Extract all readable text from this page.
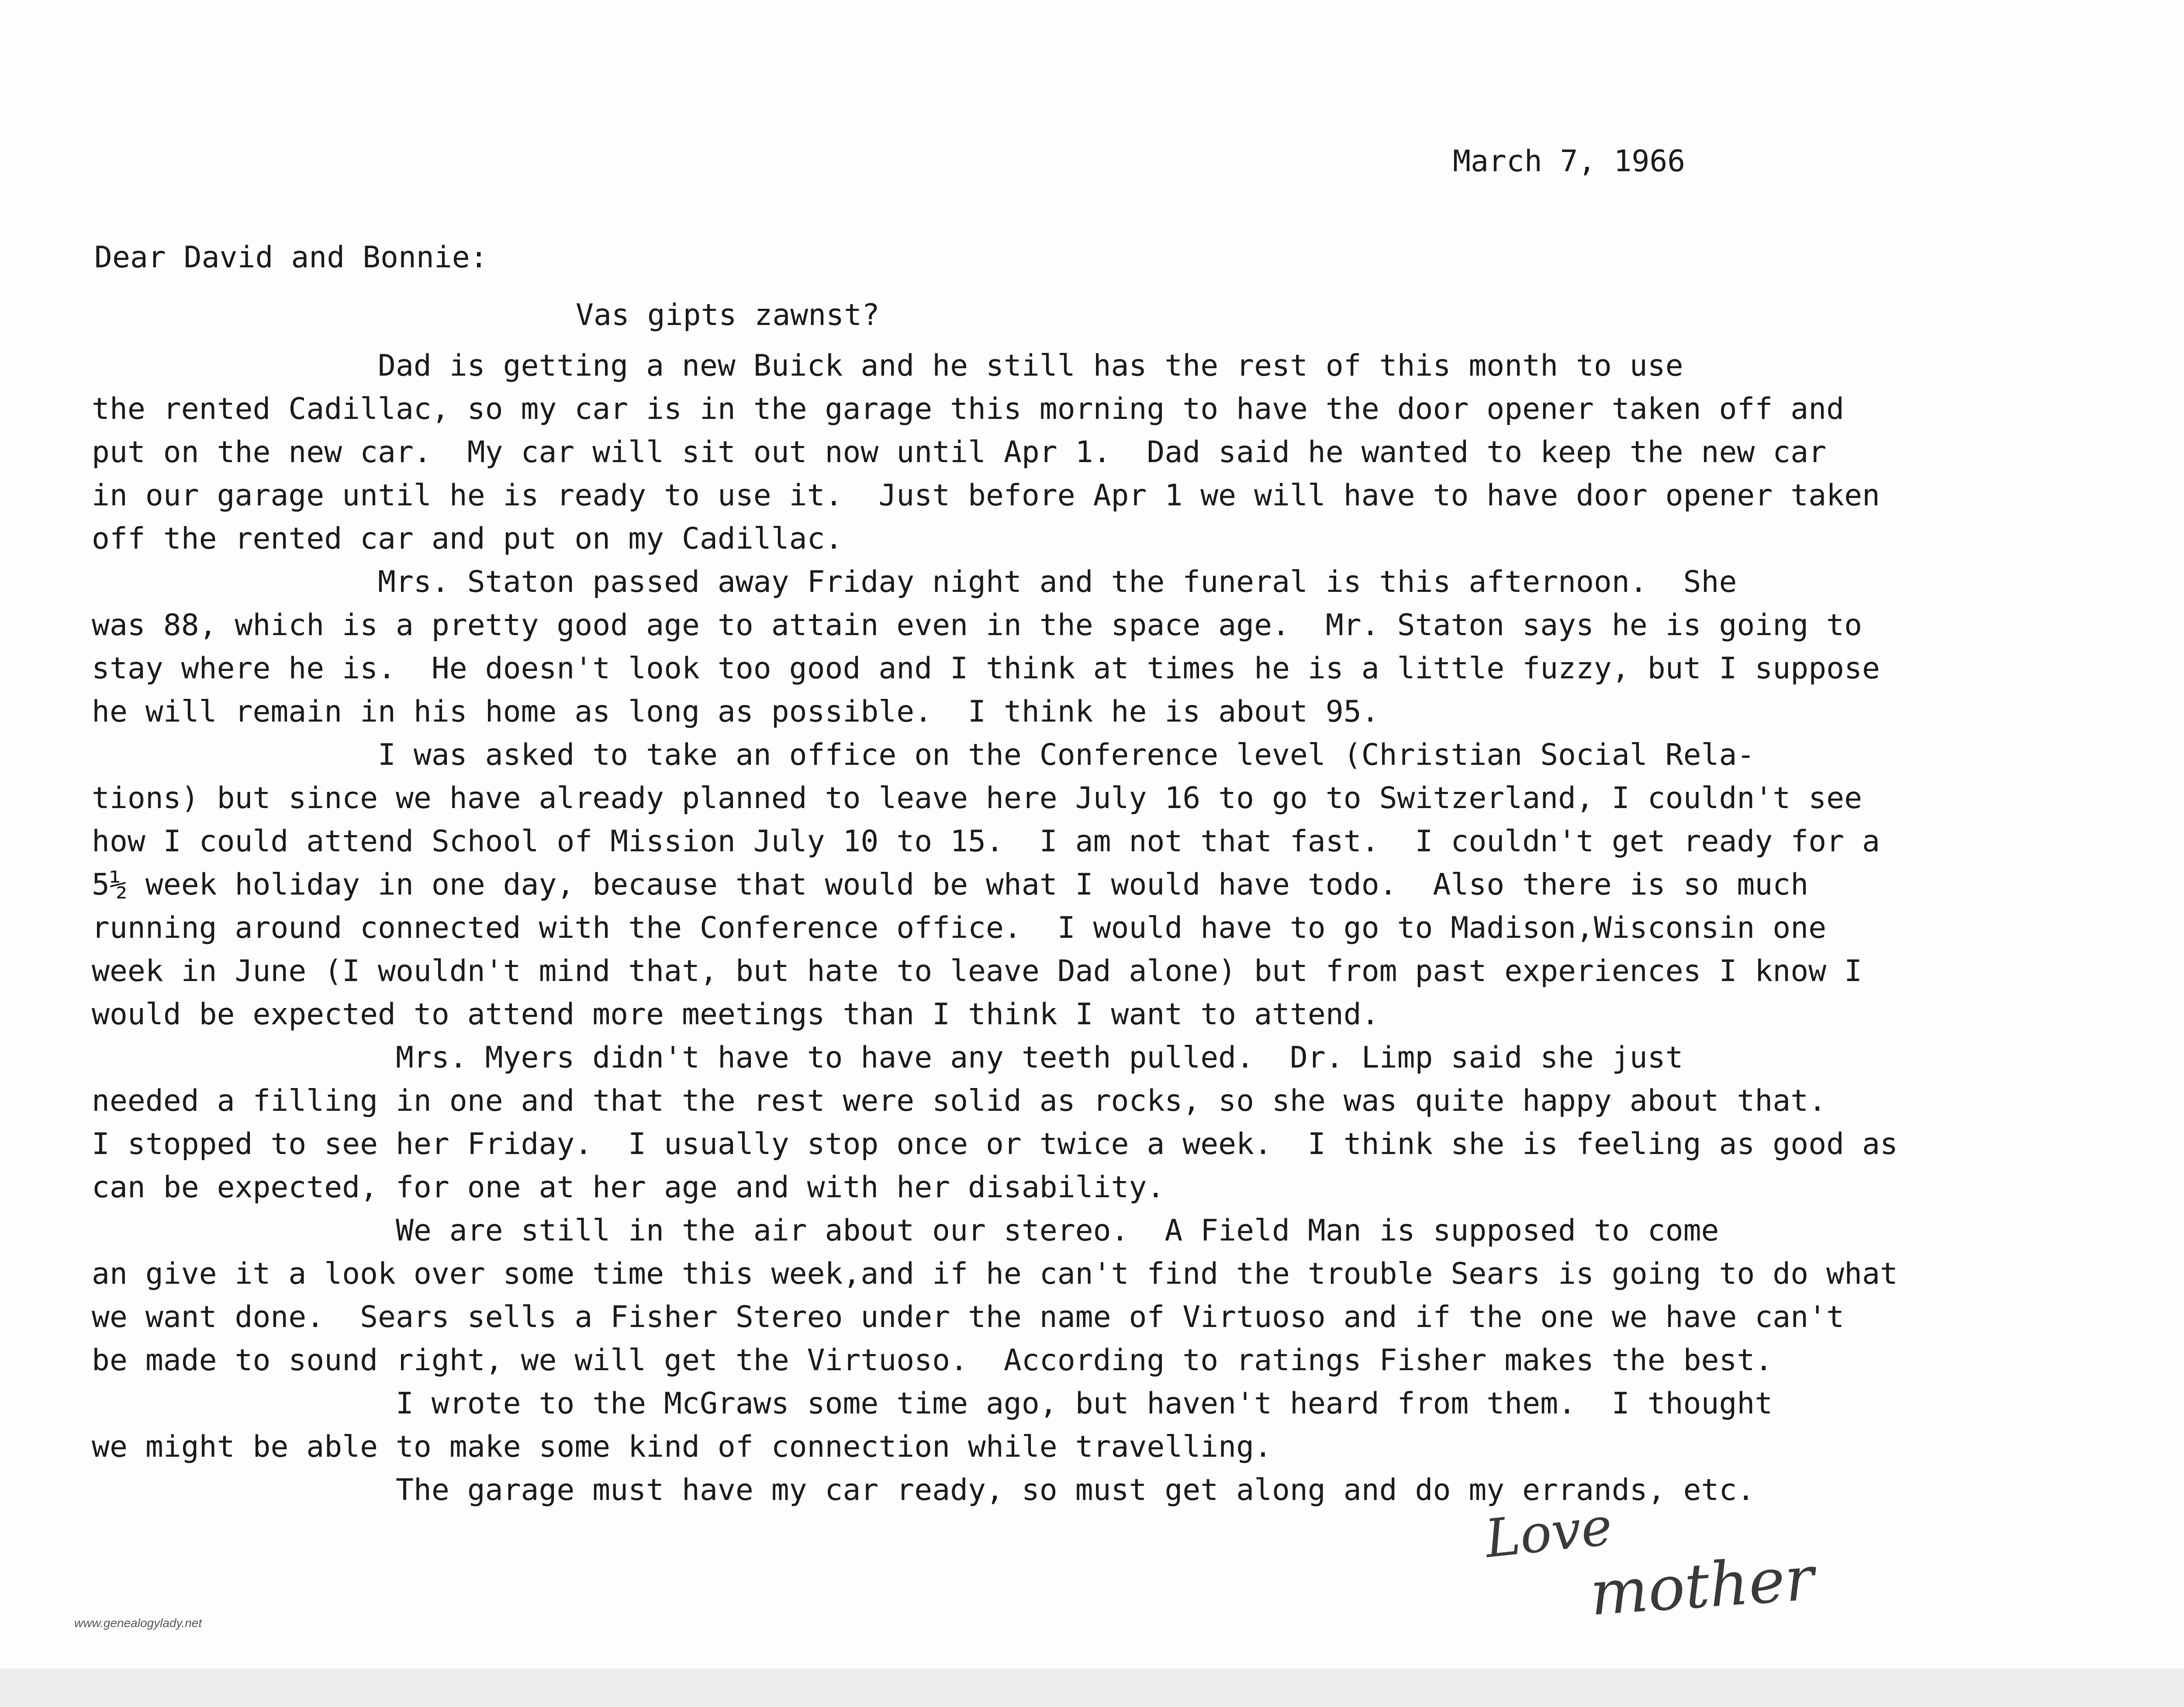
March 7, 1966
Dear David and Bonnie:
Vas gipts zawnst?
Dad is getting a new Buick and he still has the rest of this month to use
the rented Cadillac, so my car is in the garage this morning to have the door opener taken off and
put on the new car.  My car will sit out now until Apr 1.  Dad said he wanted to keep the new car
in our garage until he is ready to use it.  Just before Apr 1 we will have to have door opener taken
off the rented car and put on my Cadillac.
Mrs. Staton passed away Friday night and the funeral is this afternoon.  She
was 88, which is a pretty good age to attain even in the space age.  Mr. Staton says he is going to
stay where he is.  He doesn't look too good and I think at times he is a little fuzzy, but I suppose
he will remain in his home as long as possible.  I think he is about 95.
I was asked to take an office on the Conference level (Christian Social Rela-
tions) but since we have already planned to leave here July 16 to go to Switzerland, I couldn't see
how I could attend School of Mission July 10 to 15.  I am not that fast.  I couldn't get ready for a
5½ week holiday in one day, because that would be what I would have todo.  Also there is so much
running around connected with the Conference office.  I would have to go to Madison,Wisconsin one
week in June (I wouldn't mind that, but hate to leave Dad alone) but from past experiences I know I
would be expected to attend more meetings than I think I want to attend.
Mrs. Myers didn't have to have any teeth pulled.  Dr. Limp said she just
needed a filling in one and that the rest were solid as rocks, so she was quite happy about that.
I stopped to see her Friday.  I usually stop once or twice a week.  I think she is feeling as good as
can be expected, for one at her age and with her disability.
We are still in the air about our stereo.  A Field Man is supposed to come
an give it a look over some time this week,and if he can't find the trouble Sears is going to do what
we want done.  Sears sells a Fisher Stereo under the name of Virtuoso and if the one we have can't
be made to sound right, we will get the Virtuoso.  According to ratings Fisher makes the best.
I wrote to the McGraws some time ago, but haven't heard from them.  I thought
we might be able to make some kind of connection while travelling.
The garage must have my car ready, so must get along and do my errands, etc.
Love
mother
www.genealogylady.net
